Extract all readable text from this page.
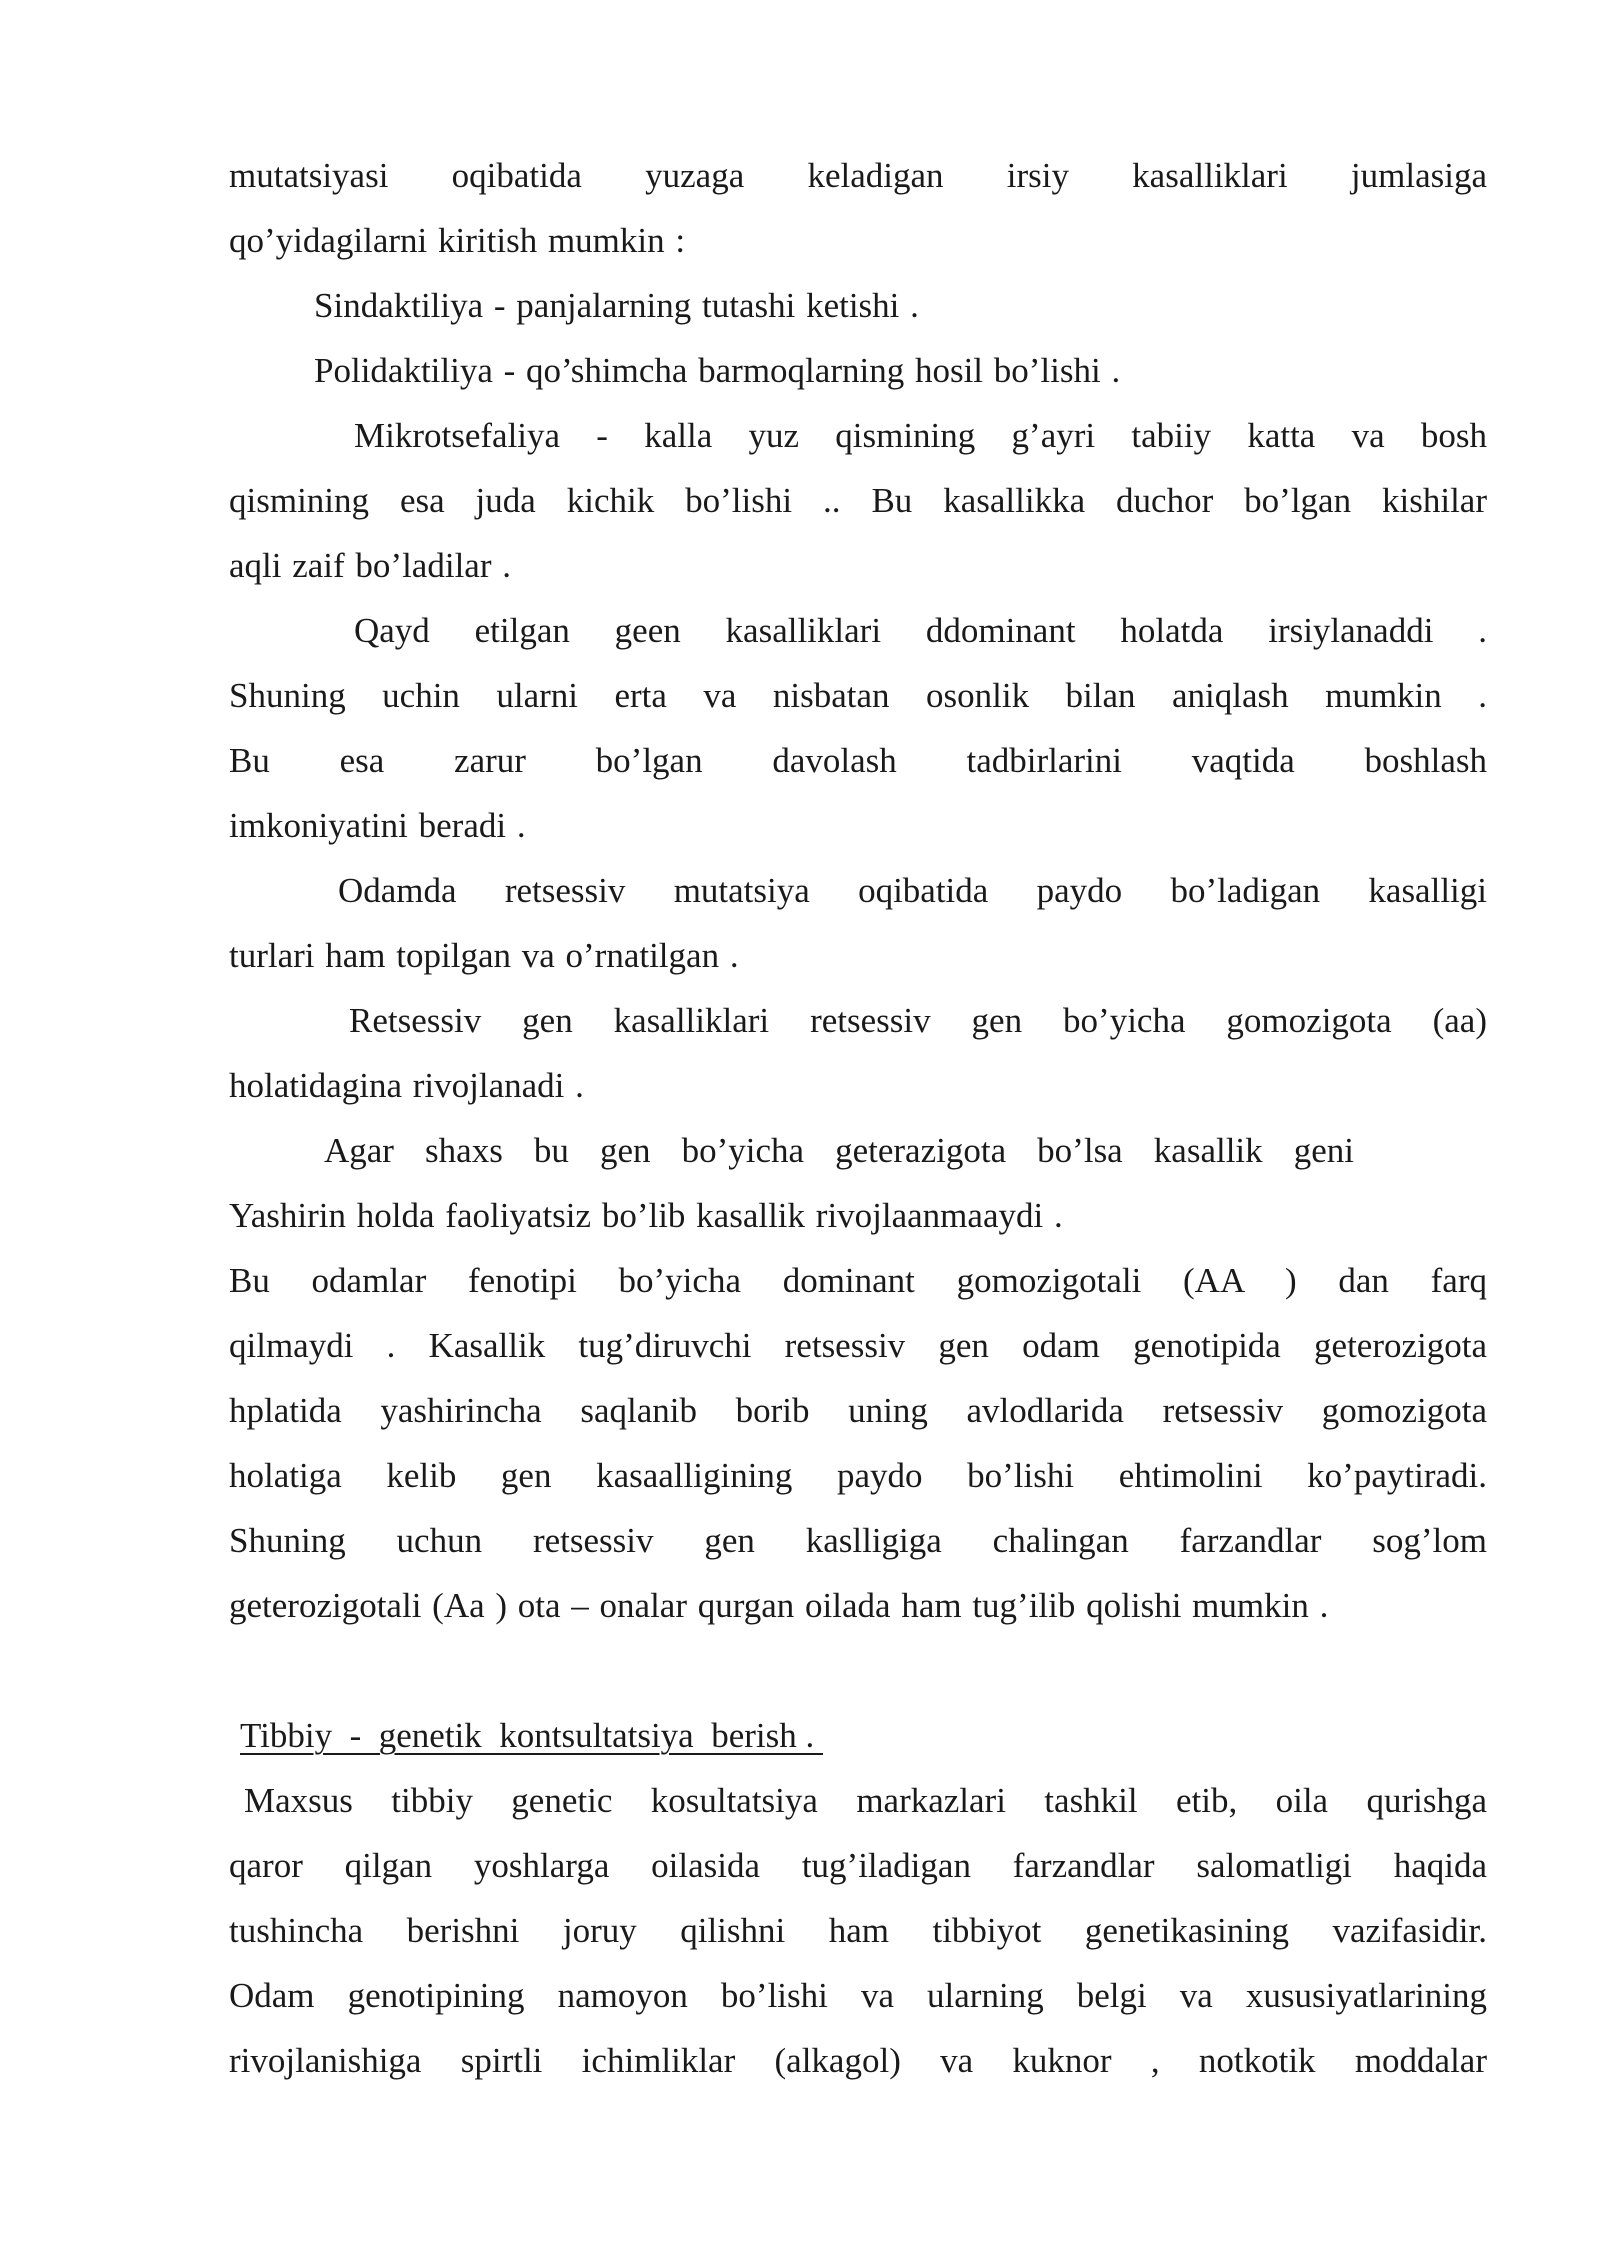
mutatsiyasi oqibatida yuzaga keladigan irsiy kasalliklari jumlasiga
qo’yidagilarni kiritish mumkin :
Sindaktiliya - panjalarning tutashi ketishi .
Polidaktiliya - qo’shimcha barmoqlarning hosil bo’lishi .
Mikrotsefaliya - kalla yuz qismining g’ayri tabiiy katta va bosh
qismining esa juda kichik bo’lishi .. Bu kasallikka duchor bo’lgan kishilar
aqli zaif bo’ladilar .
Qayd etilgan geen kasalliklari ddominant holatda irsiylanaddi .
Shuning uchin ularni erta va nisbatan osonlik bilan aniqlash mumkin .
Bu esa zarur bo’lgan davolash tadbirlarini vaqtida boshlash
imkoniyatini beradi .
Odamda retsessiv mutatsiya oqibatida paydo bo’ladigan kasalligi
turlari ham topilgan va o’rnatilgan .
Retsessiv gen kasalliklari retsessiv gen bo’yicha gomozigota (aa)
holatidagina rivojlanadi .
Agar shaxs bu gen bo’yicha geterazigota bo’lsa kasallik geni
Yashirin holda faoliyatsiz bo’lib kasallik rivojlaanmaaydi .
Bu odamlar fenotipi bo’yicha dominant gomozigotali (AA ) dan farq
qilmaydi . Kasallik tug’diruvchi retsessiv gen odam genotipida geterozigota
hplatida yashirincha saqlanib borib uning avlodlarida retsessiv gomozigota
holatiga kelib gen kasaalligining paydo bo’lishi ehtimolini ko’paytiradi.
Shuning uchun retsessiv gen kaslligiga chalingan farzandlar sog’lom
geterozigotali (Aa ) ota – onalar qurgan oilada ham tug’ilib qolishi mumkin .
Tibbiy  -  genetik  kontsultatsiya  berish .
Maxsus tibbiy genetic kosultatsiya markazlari tashkil etib, oila qurishga
qaror qilgan yoshlarga oilasida tug’iladigan farzandlar salomatligi haqida
tushincha berishni joruy qilishni ham tibbiyot genetikasining vazifasidir.
Odam genotipining namoyon bo’lishi va ularning belgi va xususiyatlarining
rivojlanishiga spirtli ichimliklar (alkagol) va kuknor , notkotik moddalar
